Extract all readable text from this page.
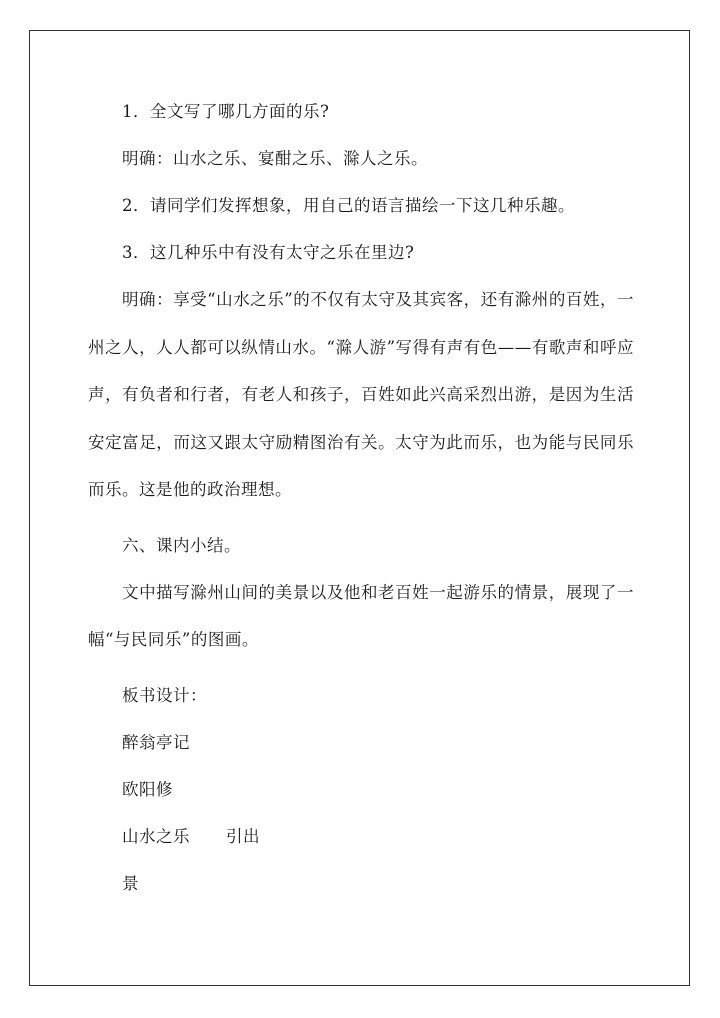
1．全文写了哪几方面的乐?

明确：山水之乐、宴酣之乐、滁人之乐。

2．请同学们发挥想象，用自己的语言描绘一下这几种乐趣。

3．这几种乐中有没有太守之乐在里边?

明确：享受“山水之乐”的不仅有太守及其宾客，还有滁州的百姓，一州之人，人人都可以纵情山水。“滁人游”写得有声有色——有歌声和呼应声，有负者和行者，有老人和孩子，百姓如此兴高采烈出游，是因为生活安定富足，而这又跟太守励精图治有关。太守为此而乐，也为能与民同乐而乐。这是他的政治理想。

六、课内小结。

文中描写滁州山间的美景以及他和老百姓一起游乐的情景，展现了一幅“与民同乐”的图画。

板书设计：

醉翁亭记

欧阳修

山水之乐 引出

景
